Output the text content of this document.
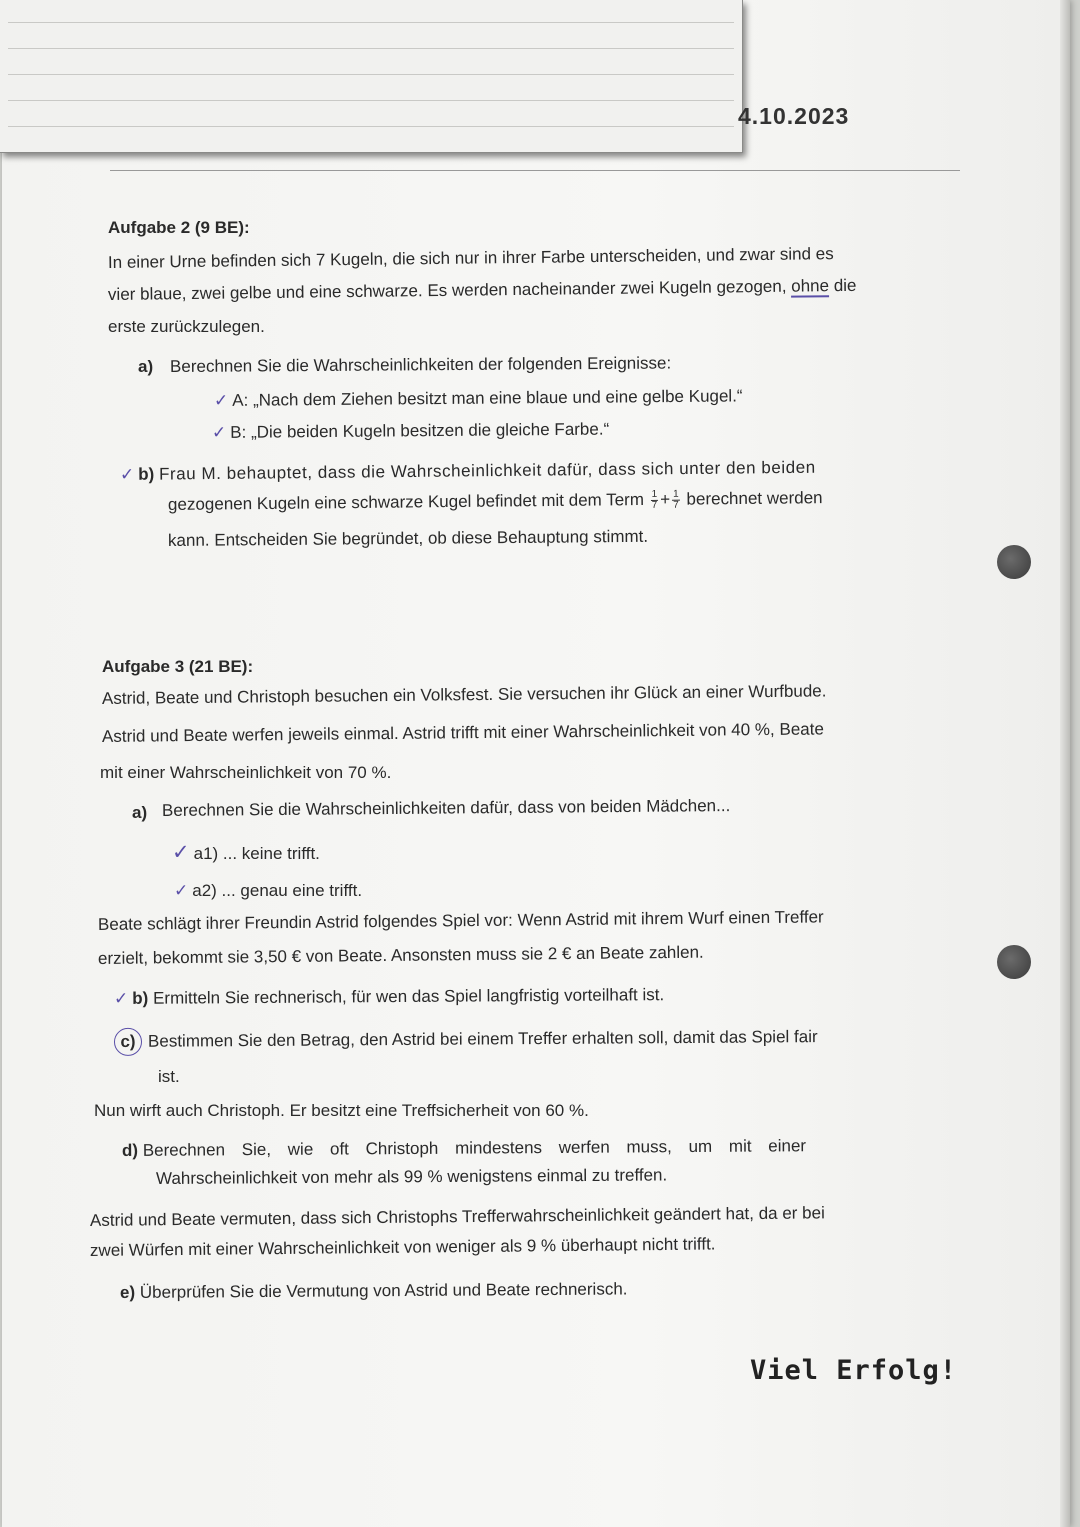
Aufgabe 2 (9 BE):
In einer Urne befinden sich 7 Kugeln, die sich nur in ihrer Farbe unterscheiden, und zwar sind es
vier blaue, zwei gelbe und eine schwarze. Es werden nacheinander zwei Kugeln gezogen, ohne die
erste zurückzulegen.
a) Berechnen Sie die Wahrscheinlichkeiten der folgenden Ereignisse:
✓ A: „Nach dem Ziehen besitzt man eine blaue und eine gelbe Kugel.“
✓ B: „Die beiden Kugeln besitzen die gleiche Farbe.“
✓ b) Frau M. behauptet, dass die Wahrscheinlichkeit dafür, dass sich unter den beiden
gezogenen Kugeln eine schwarze Kugel befindet mit dem Term $\frac{1}{7} + \frac{1}{7}$ berechnet werden
kann. Entscheiden Sie begründet, ob diese Behauptung stimmt.
Aufgabe 3 (21 BE):
Astrid, Beate und Christoph besuchen ein Volksfest. Sie versuchen ihr Glück an einer Wurfbude.
Astrid und Beate werfen jeweils einmal. Astrid trifft mit einer Wahrscheinlichkeit von 40 %, Beate
mit einer Wahrscheinlichkeit von 70 %.
a) Berechnen Sie die Wahrscheinlichkeiten dafür, dass von beiden Mädchen...
✓ a1) ... keine trifft.
✓ a2) ... genau eine trifft.
Beate schlägt ihrer Freundin Astrid folgendes Spiel vor: Wenn Astrid mit ihrem Wurf einen Treffer
erzielt, bekommt sie 3,50 € von Beate. Ansonsten muss sie 2 € an Beate zahlen.
✓ b) Ermitteln Sie rechnerisch, für wen das Spiel langfristig vorteilhaft ist.
c) Bestimmen Sie den Betrag, den Astrid bei einem Treffer erhalten soll, damit das Spiel fair
ist.
Nun wirft auch Christoph. Er besitzt eine Treffsicherheit von 60 %.
d) Berechnen Sie, wie oft Christoph mindestens werfen muss, um mit einer
Wahrscheinlichkeit von mehr als 99 % wenigstens einmal zu treffen.
Astrid und Beate vermuten, dass sich Christophs Trefferwahrscheinlichkeit geändert hat, da er bei
zwei Würfen mit einer Wahrscheinlichkeit von weniger als 9 % überhaupt nicht trifft.
e) Überprüfen Sie die Vermutung von Astrid und Beate rechnerisch.
Viel Erfolg!
4.10.2023
